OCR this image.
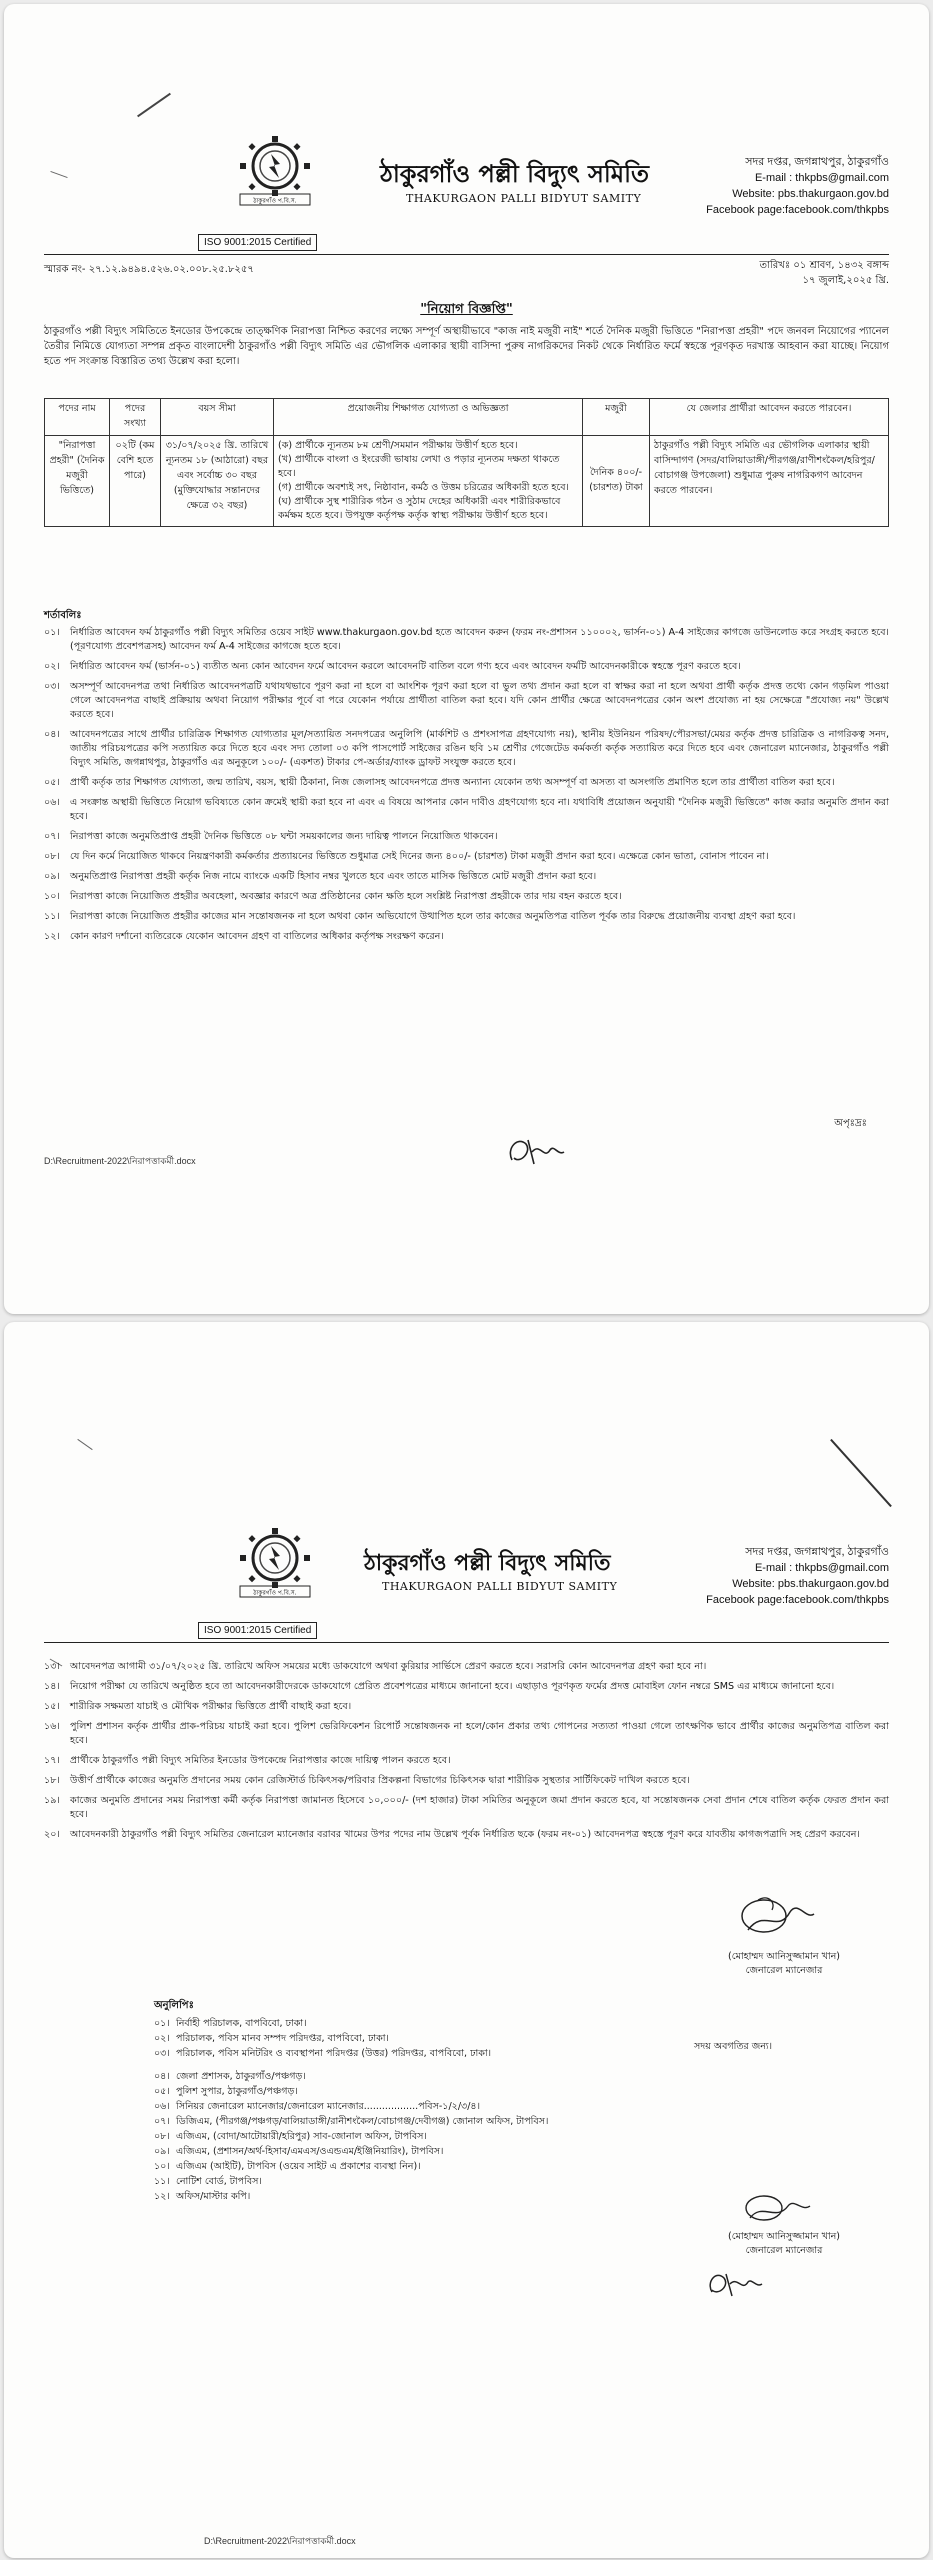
ঠাকুরগাঁও প.বি.স.
ঠাকুরগাঁও পল্লী বিদ্যুৎ সমিতি
THAKURGAON PALLI BIDYUT SAMITY
সদর দপ্তর, জগন্নাথপুর, ঠাকুরগাঁও
E-mail : thkpbs@gmail.com
Website: pbs.thakurgaon.gov.bd
Facebook page:facebook.com/thkpbs
ISO 9001:2015 Certified
স্মারক নং- ২৭.১২.৯৪৯৪.৫২৬.০২.০০৮.২৫.৮২৫৭	তারিখঃ ০১ শ্রাবণ, ১৪৩২ বঙ্গাব্দ
১৭ জুলাই,২০২৫ খ্রি.
"নিয়োগ বিজ্ঞপ্তি"
ঠাকুরগাঁও পল্লী বিদ্যুৎ সমিতিতে ইনডোর উপকেন্দ্রে তাত্ক্ষণিক নিরাপত্তা নিশ্চিত করণের লক্ষ্যে সম্পূর্ণ অস্থায়ীভাবে "কাজ নাই মজুরী নাই" শর্তে দৈনিক মজুরী ভিত্তিতে "নিরাপত্তা প্রহরী" পদে জনবল নিয়োগের প্যানেল তৈরীর নিমিত্তে যোগ্যতা সম্পন্ন প্রকৃত বাংলাদেশী ঠাকুরগাঁও পল্লী বিদ্যুৎ সমিতি এর ভৌগলিক এলাকার স্থায়ী বাসিন্দা পুরুষ নাগরিকদের নিকট থেকে নির্ধারিত ফর্মে স্বহস্তে পূরণকৃত দরখাস্ত আহবান করা যাচ্ছে। নিয়োগ হতে পদ সংক্রান্ত বিস্তারিত তথ্য উল্লেখ করা হলো।
পদের নাম	পদের সংখ্যা	বয়স সীমা	প্রয়োজনীয় শিক্ষাগত যোগ্যতা ও অভিজ্ঞতা	মজুরী	যে জেলার প্রার্থীরা আবেদন করতে পারবেন।
"নিরাপত্তা প্রহরী" (দৈনিক মজুরী ভিত্তিতে)	০২টি (কম বেশি হতে পারে)	৩১/০৭/২০২৫ খ্রি. তারিখে ন্যূনতম ১৮ (আঠারো) বছর এবং সর্বোচ্চ ৩০ বছর (মুক্তিযোদ্ধার সন্তানদের ক্ষেত্রে ৩২ বছর)	(ক) প্রার্থীকে ন্যূনতম ৮ম শ্রেণী/সমমান পরীক্ষায় উত্তীর্ণ হতে হবে।
(খ) প্রার্থীকে বাংলা ও ইংরেজী ভাষায় লেখা ও পড়ার ন্যূনতম দক্ষতা থাকতে হবে।
(গ) প্রার্থীকে অবশ্যই সৎ, নিষ্ঠাবান, কর্মঠ ও উত্তম চরিত্রের অধিকারী হতে হবে।
(ঘ) প্রার্থীকে সুস্থ শারীরিক গঠন ও সুঠাম দেহের অধিকারী এবং শারীরিকভাবে কর্মক্ষম হতে হবে। উপযুক্ত কর্তৃপক্ষ কর্তৃক স্বাস্থ্য পরীক্ষায় উত্তীর্ণ হতে হবে।	দৈনিক ৪০০/- (চারশত) টাকা	ঠাকুরগাঁও পল্লী বিদ্যুৎ সমিতি এর ভৌগলিক এলাকার স্থায়ী বাসিন্দাগণ (সদর/বালিয়াডাঙ্গী/পীরগঞ্জ/রাণীশংকৈল/হরিপুর/বোচাগঞ্জ উপজেলা) শুধুমাত্র পুরুষ নাগরিকগণ আবেদন করতে পারবেন।
শর্তাবলিঃ
০১।	নির্ধারিত আবেদন ফর্ম ঠাকুরগাঁও পল্লী বিদ্যুৎ সমিতির ওয়েব সাইট www.thakurgaon.gov.bd হতে আবেদন করুন (ফরম নং-প্রশাসন ১১০০০২, ভার্সন-০১) A-4 সাইজের কাগজে ডাউনলোড করে সংগ্রহ করতে হবে। (পূরণযোগ্য প্রবেশপত্রসহ) আবেদন ফর্ম A-4 সাইজের কাগজে হতে হবে।
০২।	নির্ধারিত আবেদন ফর্ম (ভার্সন-০১) ব্যতীত অন্য কোন আবেদন ফর্মে আবেদন করলে আবেদনটি বাতিল বলে গণ্য হবে এবং আবেদন ফর্মটি আবেদনকারীকে স্বহস্তে পূরণ করতে হবে।
০৩।	অসম্পূর্ণ আবেদনপত্র তথা নির্ধারিত আবেদনপত্রটি যথাযথভাবে পূরণ করা না হলে বা আংশিক পূরণ করা হলে বা ভুল তথ্য প্রদান করা হলে বা স্বাক্ষর করা না হলে অথবা প্রার্থী কর্তৃক প্রদত্ত তথ্যে কোন গড়মিল পাওয়া গেলে আবেদনপত্র বাছাই প্রক্রিয়ায় অথবা নিয়োগ পরীক্ষার পূর্বে বা পরে যেকোন পর্যায়ে প্রার্থীতা বাতিল করা হবে। যদি কোন প্রার্থীর ক্ষেত্রে আবেদনপত্রের কোন অংশ প্রযোজ্য না হয় সেক্ষেত্রে "প্রযোজ্য নয়" উল্লেখ করতে হবে।
০৪।	আবেদনপত্রের সাথে প্রার্থীর চারিত্রিক শিক্ষাগত যোগ্যতার মূল/সত্যায়িত সনদপত্রের অনুলিপি (মার্কশিট ও প্রশংসাপত্র গ্রহণযোগ্য নয়), স্থানীয় ইউনিয়ন পরিষদ/পৌরসভা/মেয়র কর্তৃক প্রদত্ত চারিত্রিক ও নাগরিকত্ব সনদ, জাতীয় পরিচয়পত্রের কপি সত্যায়িত করে দিতে হবে এবং সদ্য তোলা ০৩ কপি পাসপোর্ট সাইজের রঙিন ছবি ১ম শ্রেণীর গেজেটেড কর্মকর্তা কর্তৃক সত্যায়িত করে দিতে হবে এবং জেনারেল ম্যানেজার, ঠাকুরগাঁও পল্লী বিদ্যুৎ সমিতি, জগন্নাথপুর, ঠাকুরগাঁও এর অনুকূলে ১০০/- (একশত) টাকার পে-অর্ডার/ব্যাংক ড্রাফট সংযুক্ত করতে হবে।
০৫।	প্রার্থী কর্তৃক তার শিক্ষাগত যোগ্যতা, জন্ম তারিখ, বয়স, স্থায়ী ঠিকানা, নিজ জেলাসহ আবেদনপত্রে প্রদত্ত অন্যান্য যেকোন তথ্য অসম্পূর্ণ বা অসত্য বা অসংগতি প্রমাণিত হলে তার প্রার্থীতা বাতিল করা হবে।
০৬।	এ সংক্রান্ত অস্থায়ী ভিত্তিতে নিয়োগ ভবিষ্যতে কোন ক্রমেই স্থায়ী করা হবে না এবং এ বিষয়ে আপনার কোন দাবীও গ্রহণযোগ্য হবে না। যথাবিধি প্রয়োজন অনুযায়ী "দৈনিক মজুরী ভিত্তিতে" কাজ করার অনুমতি প্রদান করা হবে।
০৭।	নিরাপত্তা কাজে অনুমতিপ্রাপ্ত প্রহরী দৈনিক ভিত্তিতে ০৮ ঘন্টা সময়কালের জন্য দায়িত্ব পালনে নিয়োজিত থাকবেন।
০৮।	যে দিন কর্মে নিয়োজিত থাকবে নিয়ন্ত্রণকারী কর্মকর্তার প্রত্যায়নের ভিত্তিতে শুধুমাত্র সেই দিনের জন্য ৪০০/- (চারশত) টাকা মজুরী প্রদান করা হবে। এক্ষেত্রে কোন ভাতা, বোনাস পাবেন না।
০৯।	অনুমতিপ্রাপ্ত নিরাপত্তা প্রহরী কর্তৃক নিজ নামে ব্যাংকে একটি হিসাব নম্বর খুলতে হবে এবং তাতে মাসিক ভিত্তিতে মোট মজুরী প্রদান করা হবে।
১০।	নিরাপত্তা কাজে নিয়োজিত প্রহরীর অবহেলা, অবজ্ঞার কারণে অত্র প্রতিষ্ঠানের কোন ক্ষতি হলে সংশ্লিষ্ট নিরাপত্তা প্রহরীকে তার দায় বহন করতে হবে।
১১।	নিরাপত্তা কাজে নিয়োজিত প্রহরীর কাজের মান সন্তোষজনক না হলে অথবা কোন অভিযোগে উত্থাপিত হলে তার কাজের অনুমতিপত্র বাতিল পূর্বক তার বিরুদ্ধে প্রয়োজনীয় ব্যবস্থা গ্রহণ করা হবে।
১২।	কোন কারণ দর্শানো ব্যতিরেকে যেকোন আবেদন গ্রহণ বা বাতিলের অধিকার কর্তৃপক্ষ সংরক্ষণ করেন।
অপৃঃদ্রঃ
D:\Recruitment-2022\নিরাপত্তাকর্মী.docx
ঠাকুরগাঁও প.বি.স.
ঠাকুরগাঁও পল্লী বিদ্যুৎ সমিতি
THAKURGAON PALLI BIDYUT SAMITY
সদর দপ্তর, জগন্নাথপুর, ঠাকুরগাঁও
E-mail : thkpbs@gmail.com
Website: pbs.thakurgaon.gov.bd
Facebook page:facebook.com/thkpbs
ISO 9001:2015 Certified
১৩।	আবেদনপত্র আগামী ৩১/০৭/২০২৫ খ্রি. তারিখে অফিস সময়ের মধ্যে ডাকযোগে অথবা কুরিয়ার সার্ভিসে প্রেরণ করতে হবে। সরাসরি কোন আবেদনপত্র গ্রহণ করা হবে না।
১৪।	নিয়োগ পরীক্ষা যে তারিখে অনুষ্ঠিত হবে তা আবেদনকারীদেরকে ডাকযোগে প্রেরিত প্রবেশপত্রের মাধ্যমে জানানো হবে। এছাড়াও পূরণকৃত ফর্মের প্রদত্ত মোবাইল ফোন নম্বরে SMS এর মাধ্যমে জানানো হবে।
১৫।	শারীরিক সক্ষমতা যাচাই ও মৌখিক পরীক্ষার ভিত্তিতে প্রার্থী বাছাই করা হবে।
১৬।	পুলিশ প্রশাসন কর্তৃক প্রার্থীর প্রাক-পরিচয় যাচাই করা হবে। পুলিশ ভেরিফিকেশন রিপোর্ট সন্তোষজনক না হলে/কোন প্রকার তথ্য গোপনের সত্যতা পাওয়া গেলে তাৎক্ষণিক ভাবে প্রার্থীর কাজের অনুমতিপত্র বাতিল করা হবে।
১৭।	প্রার্থীকে ঠাকুরগাঁও পল্লী বিদ্যুৎ সমিতির ইনডোর উপকেন্দ্রে নিরাপত্তার কাজে দায়িত্ব পালন করতে হবে।
১৮।	উত্তীর্ণ প্রার্থীকে কাজের অনুমতি প্রদানের সময় কোন রেজিস্টার্ড চিকিৎসক/পরিবার প্রিকল্পনা বিভাগের চিকিৎসক দ্বারা শারীরিক সুস্থতার সার্টিফিকেট দাখিল করতে হবে।
১৯।	কাজের অনুমতি প্রদানের সময় নিরাপত্তা কর্মী কর্তৃক নিরাপত্তা জামানত হিসেবে ১০,০০০/- (দশ হাজার) টাকা সমিতির অনুকূলে জমা প্রদান করতে হবে, যা সন্তোষজনক সেবা প্রদান শেষে বাতিল কর্তৃক ফেরত প্রদান করা হবে।
২০।	আবেদনকারী ঠাকুরগাঁও পল্লী বিদ্যুৎ সমিতির জেনারেল ম্যানেজার বরাবর খামের উপর পদের নাম উল্লেখ পূর্বক নির্ধারিত ছকে (ফরম নং-০১) আবেদনপত্র স্বহস্তে পূরণ করে যাবতীয় কাগজপত্রাদি সহ প্রেরণ করবেন।
(মোহাম্মদ আনিসুজ্জামান খান)
জেনারেল ম্যানেজার
অনুলিপিঃ
০১। নির্বাহী পরিচালক, বাপবিবো, ঢাকা।
০২। পরিচালক, পবিস মানব সম্পদ পরিদপ্তর, বাপবিবো, ঢাকা।
০৩। পরিচালক, পবিস মনিটরিং ও ব্যবস্থাপনা পরিদপ্তর (উত্তর) পরিদপ্তর, বাপবিবো, ঢাকা।
০৪। জেলা প্রশাসক, ঠাকুরগাঁও/পঞ্চগড়।
০৫। পুলিশ সুপার, ঠাকুরগাঁও/পঞ্চগড়।
০৬। সিনিয়র জেনারেল ম্যানেজার/জেনারেল ম্যানেজার..................পবিস-১/২/৩/৪।
০৭। ডিজিএম, (পীরগঞ্জ/পঞ্চগড়/বালিয়াডাঙ্গী/রানীশংকৈল/বোচাগঞ্জ/দেবীগঞ্জ) জোনাল অফিস, টাপবিস।
০৮। এজিএম, (বোদা/আটোয়ারী/হরিপুর) সাব-জোনাল অফিস, টাপবিস।
০৯। এজিএম, (প্রশাসন/অর্থ-হিসাব/এমএস/ওএন্ডএম/ইঞ্জিনিয়ারিং), টাপবিস।
১০। এজিএম (আইটি), টাপবিস (ওয়েব সাইট এ প্রকাশের ব্যবস্থা নিন)।
১১। নোটিশ বোর্ড, টাপবিস।
১২। অফিস/মাস্টার কপি।
সদয় অবগতির জন্য।
(মোহাম্মদ আনিসুজ্জামান খান)
জেনারেল ম্যানেজার
D:\Recruitment-2022\নিরাপত্তাকর্মী.docx
